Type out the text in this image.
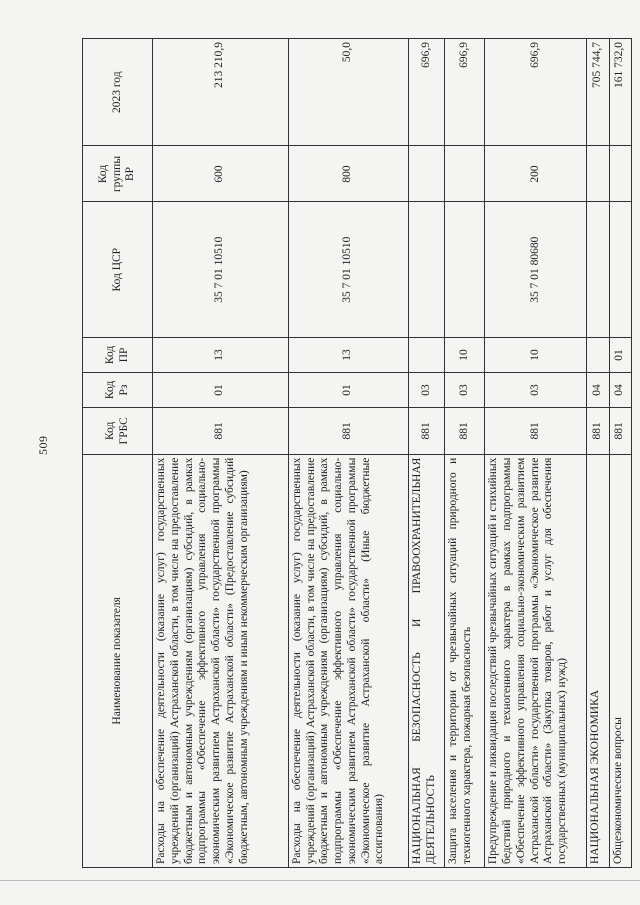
509
Наименование показателя	Код ГРБС	Код Рз	Код ПР	Код ЦСР	Код группы ВР	2023 год
Расходы на обеспечение деятельности (оказание услуг) государственных учреждений (организаций) Астраханской области, в том числе на предоставление бюджетным и автономным учреждениям (организациям) субсидий, в рамках подпрограммы «Обеспечение эффективного управления социально-экономическим развитием Астраханской области» государственной программы «Экономическое развитие Астраханской области» (Предоставление субсидий бюджетным, автономным учреждениям и иным некоммерческим организациям)	881	01	13	35 7 01 10510	600	213 210,9
Расходы на обеспечение деятельности (оказание услуг) государственных учреждений (организаций) Астраханской области, в том числе на предоставление бюджетным и автономным учреждениям (организациям) субсидий, в рамках подпрограммы «Обеспечение эффективного управления социально-экономическим развитием Астраханской области» государственной программы «Экономическое развитие Астраханской области» (Иные бюджетные ассигнования)	881	01	13	35 7 01 10510	800	50,0
НАЦИОНАЛЬНАЯ БЕЗОПАСНОСТЬ И ПРАВООХРАНИТЕЛЬНАЯ ДЕЯТЕЛЬНОСТЬ	881	03				696,9
Защита населения и территории от чрезвычайных ситуаций природного и техногенного характера, пожарная безопасность	881	03	10			696,9
Предупреждение и ликвидация последствий чрезвычайных ситуаций и стихийных бедствий природного и техногенного характера в рамках подпрограммы «Обеспечение эффективного управления социально-экономическим развитием Астраханской области» государственной программы «Экономическое развитие Астраханской области» (Закупка товаров, работ и услуг для обеспечения государственных (муниципальных) нужд)	881	03	10	35 7 01 80680	200	696,9
НАЦИОНАЛЬНАЯ ЭКОНОМИКА	881	04				705 744,7
Общеэкономические вопросы	881	04	01			161 732,0
